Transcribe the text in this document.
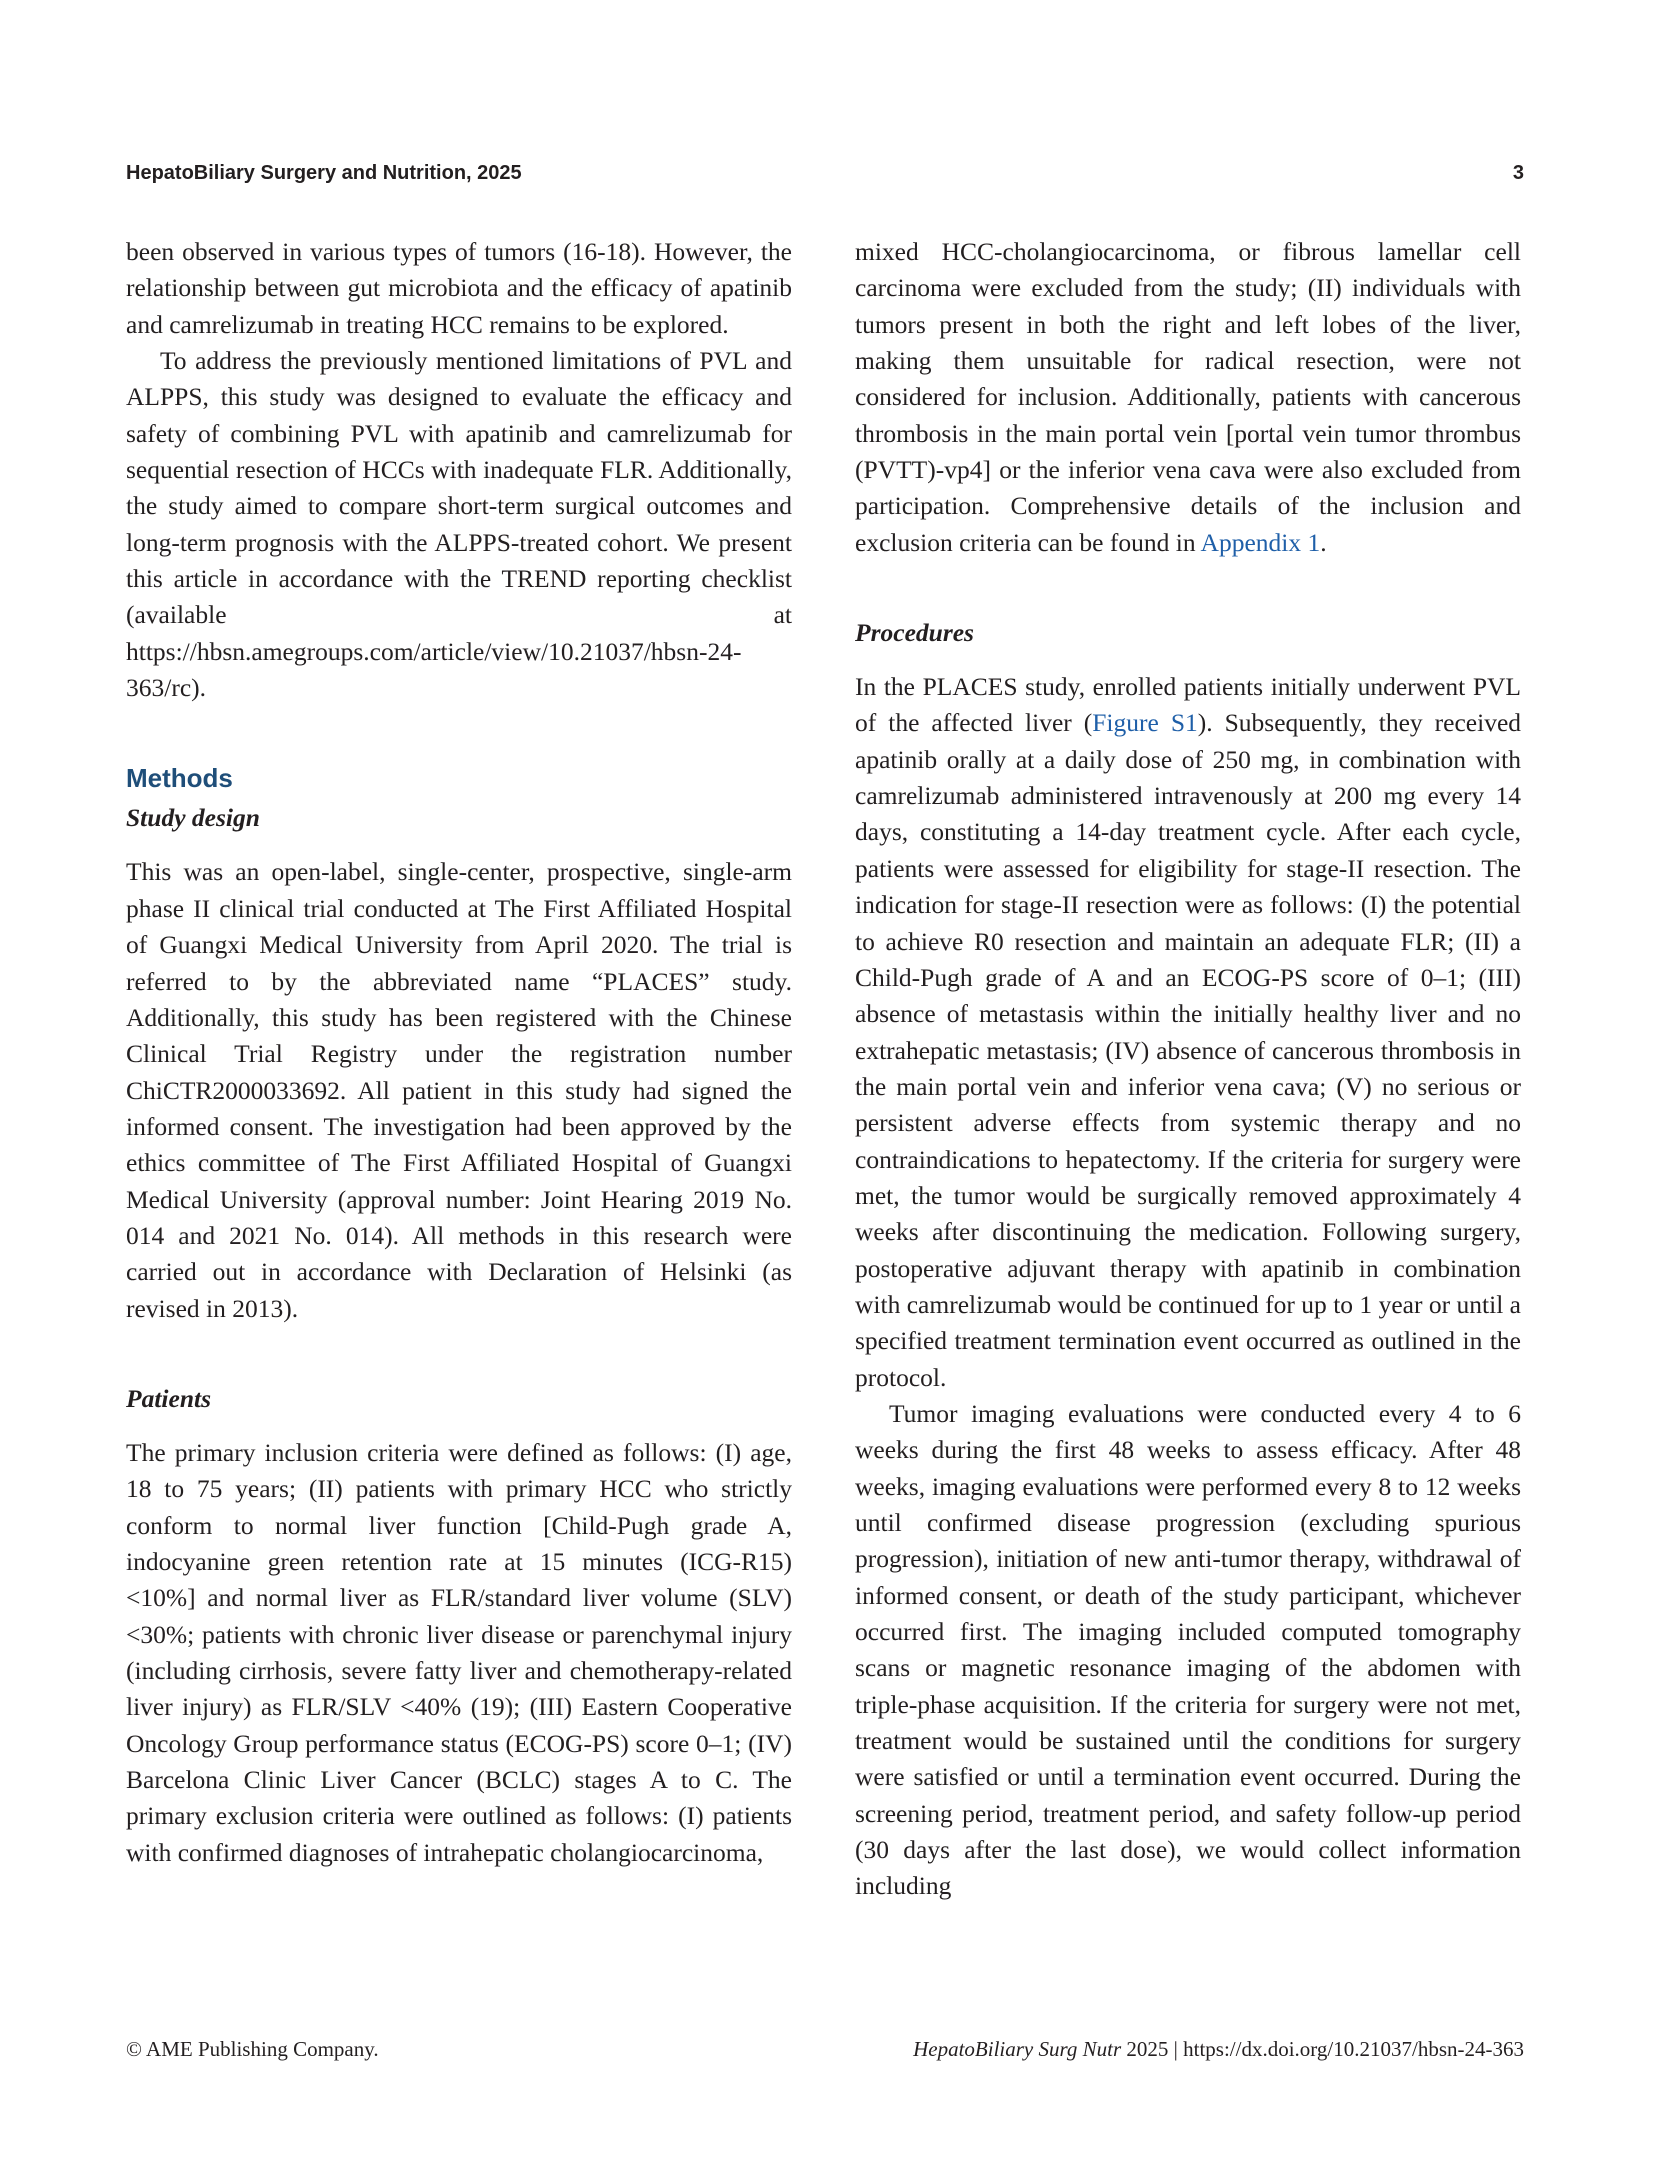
HepatoBiliary Surgery and Nutrition, 2025	3

been observed in various types of tumors (16-18). However, the relationship between gut microbiota and the efficacy of apatinib and camrelizumab in treating HCC remains to be explored.

To address the previously mentioned limitations of PVL and ALPPS, this study was designed to evaluate the efficacy and safety of combining PVL with apatinib and camrelizumab for sequential resection of HCCs with inadequate FLR. Additionally, the study aimed to compare short-term surgical outcomes and long-term prognosis with the ALPPS-treated cohort. We present this article in accordance with the TREND reporting checklist (available at https://hbsn.amegroups.com/article/view/10.21037/hbsn-24-363/rc).

Methods
Study design

This was an open-label, single-center, prospective, single-arm phase II clinical trial conducted at The First Affiliated Hospital of Guangxi Medical University from April 2020. The trial is referred to by the abbreviated name “PLACES” study. Additionally, this study has been registered with the Chinese Clinical Trial Registry under the registration number ChiCTR2000033692. All patient in this study had signed the informed consent. The investigation had been approved by the ethics committee of The First Affiliated Hospital of Guangxi Medical University (approval number: Joint Hearing 2019 No. 014 and 2021 No. 014). All methods in this research were carried out in accordance with Declaration of Helsinki (as revised in 2013).

Patients

The primary inclusion criteria were defined as follows: (I) age, 18 to 75 years; (II) patients with primary HCC who strictly conform to normal liver function [Child-Pugh grade A, indocyanine green retention rate at 15 minutes (ICG-R15) <10%] and normal liver as FLR/standard liver volume (SLV) <30%; patients with chronic liver disease or parenchymal injury (including cirrhosis, severe fatty liver and chemotherapy-related liver injury) as FLR/SLV <40% (19); (III) Eastern Cooperative Oncology Group performance status (ECOG-PS) score 0–1; (IV) Barcelona Clinic Liver Cancer (BCLC) stages A to C. The primary exclusion criteria were outlined as follows: (I) patients with confirmed diagnoses of intrahepatic cholangiocarcinoma,

mixed HCC-cholangiocarcinoma, or fibrous lamellar cell carcinoma were excluded from the study; (II) individuals with tumors present in both the right and left lobes of the liver, making them unsuitable for radical resection, were not considered for inclusion. Additionally, patients with cancerous thrombosis in the main portal vein [portal vein tumor thrombus (PVTT)-vp4] or the inferior vena cava were also excluded from participation. Comprehensive details of the inclusion and exclusion criteria can be found in Appendix 1.

Procedures

In the PLACES study, enrolled patients initially underwent PVL of the affected liver (Figure S1). Subsequently, they received apatinib orally at a daily dose of 250 mg, in combination with camrelizumab administered intravenously at 200 mg every 14 days, constituting a 14-day treatment cycle. After each cycle, patients were assessed for eligibility for stage-II resection. The indication for stage-II resection were as follows: (I) the potential to achieve R0 resection and maintain an adequate FLR; (II) a Child-Pugh grade of A and an ECOG-PS score of 0–1; (III) absence of metastasis within the initially healthy liver and no extrahepatic metastasis; (IV) absence of cancerous thrombosis in the main portal vein and inferior vena cava; (V) no serious or persistent adverse effects from systemic therapy and no contraindications to hepatectomy. If the criteria for surgery were met, the tumor would be surgically removed approximately 4 weeks after discontinuing the medication. Following surgery, postoperative adjuvant therapy with apatinib in combination with camrelizumab would be continued for up to 1 year or until a specified treatment termination event occurred as outlined in the protocol.

Tumor imaging evaluations were conducted every 4 to 6 weeks during the first 48 weeks to assess efficacy. After 48 weeks, imaging evaluations were performed every 8 to 12 weeks until confirmed disease progression (excluding spurious progression), initiation of new anti-tumor therapy, withdrawal of informed consent, or death of the study participant, whichever occurred first. The imaging included computed tomography scans or magnetic resonance imaging of the abdomen with triple-phase acquisition. If the criteria for surgery were not met, treatment would be sustained until the conditions for surgery were satisfied or until a termination event occurred. During the screening period, treatment period, and safety follow-up period (30 days after the last dose), we would collect information including

© AME Publishing Company.	HepatoBiliary Surg Nutr 2025 | https://dx.doi.org/10.21037/hbsn-24-363
